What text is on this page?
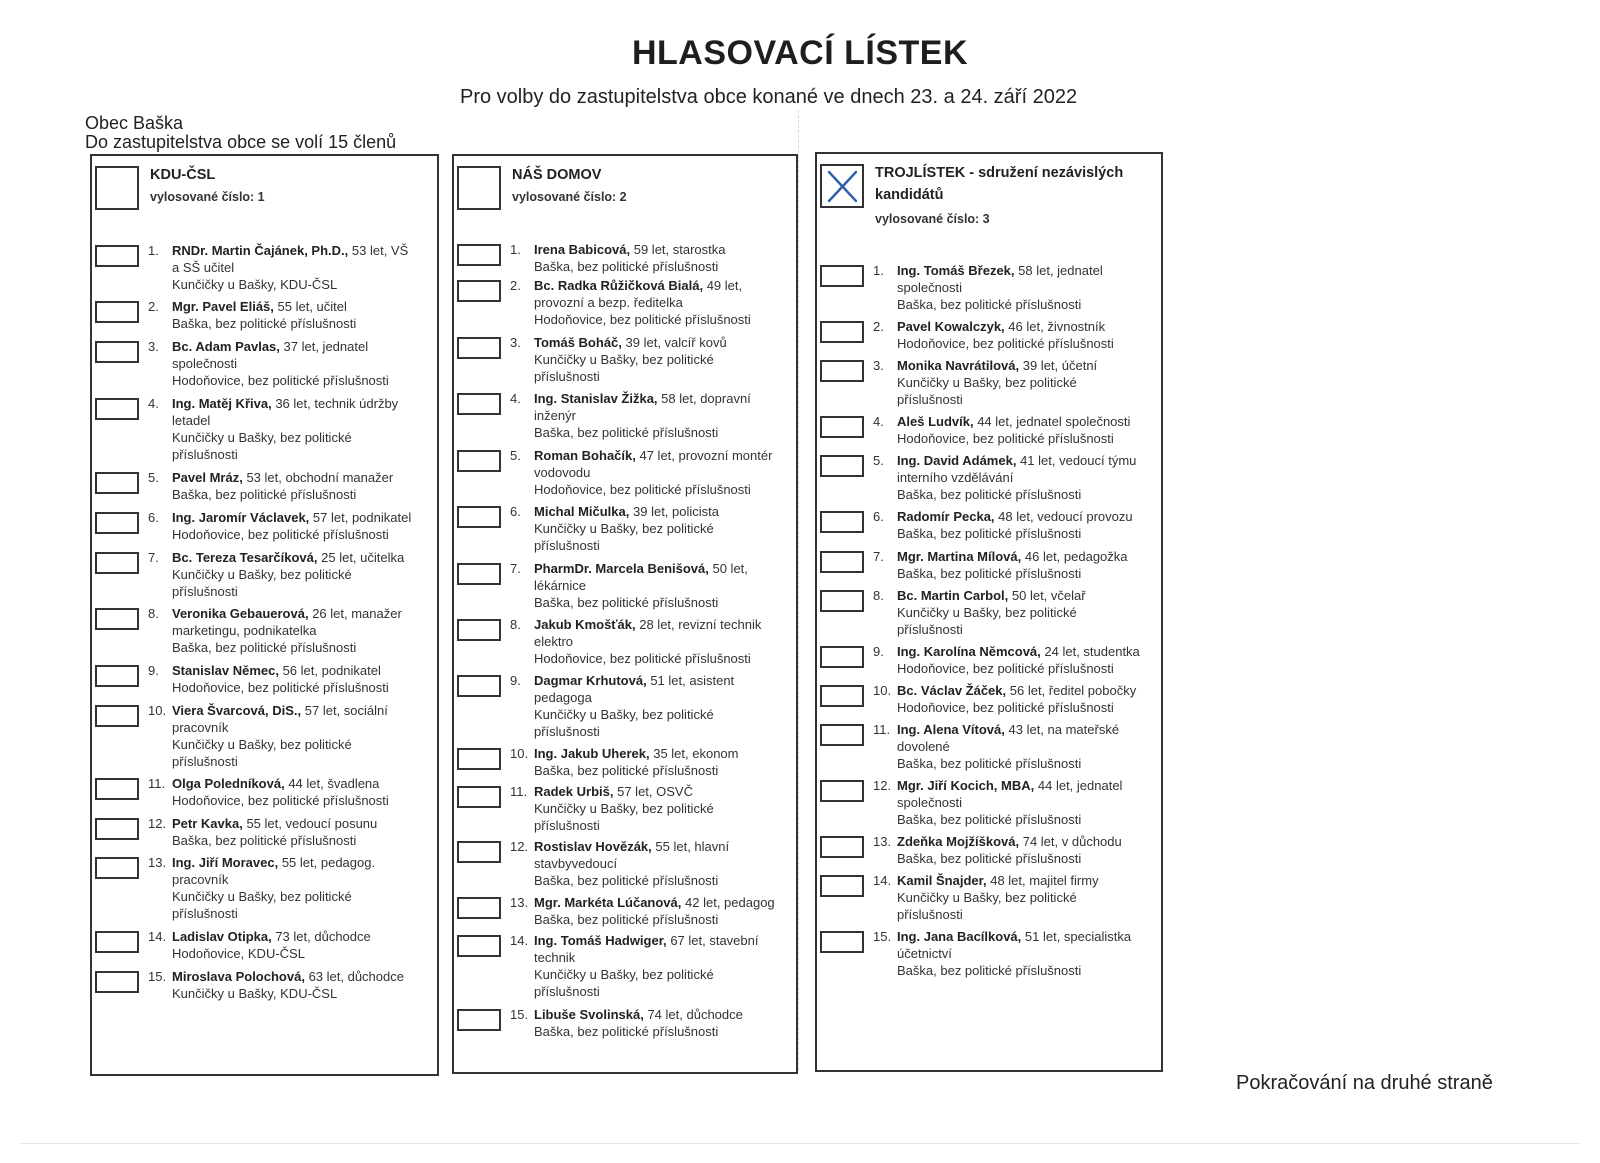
HLASOVACÍ LÍSTEK
Pro volby do zastupitelstva obce konané ve dnech 23. a 24. září 2022
Obec Baška
Do zastupitelstva obce se volí 15 členů
KDU-ČSL
vylosované číslo: 1
1. RNDr. Martin Čajánek, Ph.D., 53 let, VŠ
a SŠ učitel
Kunčičky u Bašky, KDU-ČSL
2. Mgr. Pavel Eliáš, 55 let, učitel
Baška, bez politické příslušnosti
3. Bc. Adam Pavlas, 37 let, jednatel
společnosti
Hodoňovice, bez politické příslušnosti
4. Ing. Matěj Křiva, 36 let, technik údržby
letadel
Kunčičky u Bašky, bez politické
příslušnosti
5. Pavel Mráz, 53 let, obchodní manažer
Baška, bez politické příslušnosti
6. Ing. Jaromír Václavek, 57 let, podnikatel
Hodoňovice, bez politické příslušnosti
7. Bc. Tereza Tesarčíková, 25 let, učitelka
Kunčičky u Bašky, bez politické
příslušnosti
8. Veronika Gebauerová, 26 let, manažer
marketingu, podnikatelka
Baška, bez politické příslušnosti
9. Stanislav Němec, 56 let, podnikatel
Hodoňovice, bez politické příslušnosti
10. Viera Švarcová, DiS., 57 let, sociální
pracovník
Kunčičky u Bašky, bez politické
příslušnosti
11. Olga Poledníková, 44 let, švadlena
Hodoňovice, bez politické příslušnosti
12. Petr Kavka, 55 let, vedoucí posunu
Baška, bez politické příslušnosti
13. Ing. Jiří Moravec, 55 let, pedagog.
pracovník
Kunčičky u Bašky, bez politické
příslušnosti
14. Ladislav Otipka, 73 let, důchodce
Hodoňovice, KDU-ČSL
15. Miroslava Polochová, 63 let, důchodce
Kunčičky u Bašky, KDU-ČSL
NÁŠ DOMOV
vylosované číslo: 2
1. Irena Babicová, 59 let, starostka
Baška, bez politické příslušnosti
2. Bc. Radka Růžičková Bialá, 49 let,
provozní a bezp. ředitelka
Hodoňovice, bez politické příslušnosti
3. Tomáš Boháč, 39 let, valcíř kovů
Kunčičky u Bašky, bez politické
příslušnosti
4. Ing. Stanislav Žižka, 58 let, dopravní
inženýr
Baška, bez politické příslušnosti
5. Roman Bohačík, 47 let, provozní montér
vodovodu
Hodoňovice, bez politické příslušnosti
6. Michal Mičulka, 39 let, policista
Kunčičky u Bašky, bez politické
příslušnosti
7. PharmDr. Marcela Benišová, 50 let,
lékárnice
Baška, bez politické příslušnosti
8. Jakub Kmošťák, 28 let, revizní technik
elektro
Hodoňovice, bez politické příslušnosti
9. Dagmar Krhutová, 51 let, asistent
pedagoga
Kunčičky u Bašky, bez politické
příslušnosti
10. Ing. Jakub Uherek, 35 let, ekonom
Baška, bez politické příslušnosti
11. Radek Urbiš, 57 let, OSVČ
Kunčičky u Bašky, bez politické
příslušnosti
12. Rostislav Hovězák, 55 let, hlavní
stavbyvedoucí
Baška, bez politické příslušnosti
13. Mgr. Markéta Lúčanová, 42 let, pedagog
Baška, bez politické příslušnosti
14. Ing. Tomáš Hadwiger, 67 let, stavební
technik
Kunčičky u Bašky, bez politické
příslušnosti
15. Libuše Svolinská, 74 let, důchodce
Baška, bez politické příslušnosti
TROJLÍSTEK - sdružení nezávislých
kandidátů
vylosované číslo: 3
1. Ing. Tomáš Březek, 58 let, jednatel
společnosti
Baška, bez politické příslušnosti
2. Pavel Kowalczyk, 46 let, živnostník
Hodoňovice, bez politické příslušnosti
3. Monika Navrátilová, 39 let, účetní
Kunčičky u Bašky, bez politické
příslušnosti
4. Aleš Ludvík, 44 let, jednatel společnosti
Hodoňovice, bez politické příslušnosti
5. Ing. David Adámek, 41 let, vedoucí týmu
interního vzdělávání
Baška, bez politické příslušnosti
6. Radomír Pecka, 48 let, vedoucí provozu
Baška, bez politické příslušnosti
7. Mgr. Martina Mílová, 46 let, pedagožka
Baška, bez politické příslušnosti
8. Bc. Martin Carbol, 50 let, včelař
Kunčičky u Bašky, bez politické
příslušnosti
9. Ing. Karolína Němcová, 24 let, studentka
Hodoňovice, bez politické příslušnosti
10. Bc. Václav Žáček, 56 let, ředitel pobočky
Hodoňovice, bez politické příslušnosti
11. Ing. Alena Vítová, 43 let, na mateřské
dovolené
Baška, bez politické příslušnosti
12. Mgr. Jiří Kocich, MBA, 44 let, jednatel
společnosti
Baška, bez politické příslušnosti
13. Zdeňka Mojžíšková, 74 let, v důchodu
Baška, bez politické příslušnosti
14. Kamil Šnajder, 48 let, majitel firmy
Kunčičky u Bašky, bez politické
příslušnosti
15. Ing. Jana Bacílková, 51 let, specialistka
účetnictví
Baška, bez politické příslušnosti
Pokračování na druhé straně
